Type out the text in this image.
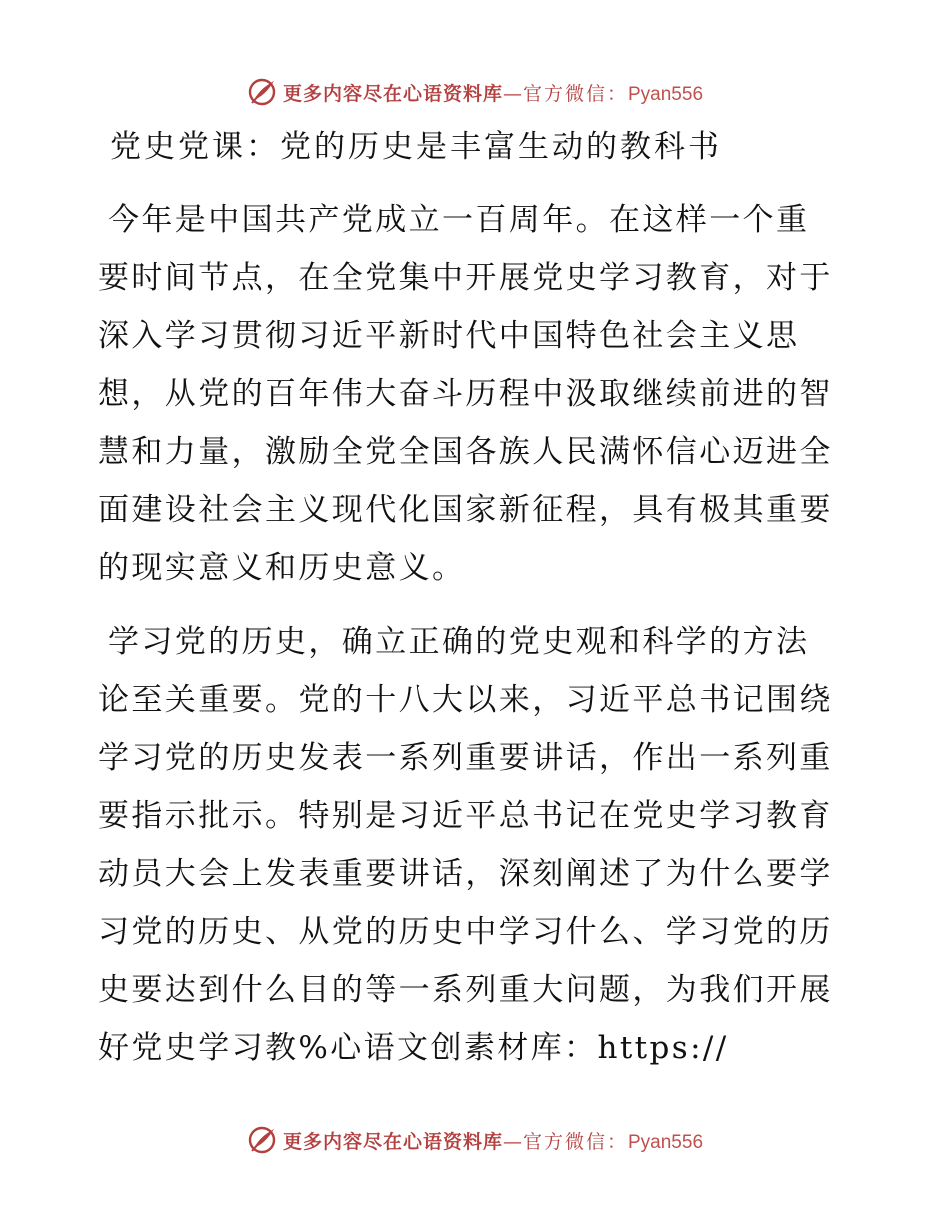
更多内容尽在心语资料库—官方微信：Pyan556
党史党课：党的历史是丰富生动的教科书
今年是中国共产党成立一百周年。在这样一个重
要时间节点，在全党集中开展党史学习教育，对于
深入学习贯彻习近平新时代中国特色社会主义思
想，从党的百年伟大奋斗历程中汲取继续前进的智
慧和力量，激励全党全国各族人民满怀信心迈进全
面建设社会主义现代化国家新征程，具有极其重要
的现实意义和历史意义。
学习党的历史，确立正确的党史观和科学的方法
论至关重要。党的十八大以来，习近平总书记围绕
学习党的历史发表一系列重要讲话，作出一系列重
要指示批示。特别是习近平总书记在党史学习教育
动员大会上发表重要讲话，深刻阐述了为什么要学
习党的历史、从党的历史中学习什么、学习党的历
史要达到什么目的等一系列重大问题，为我们开展
好党史学习教%心语文创素材库：https://
更多内容尽在心语资料库—官方微信：Pyan556
